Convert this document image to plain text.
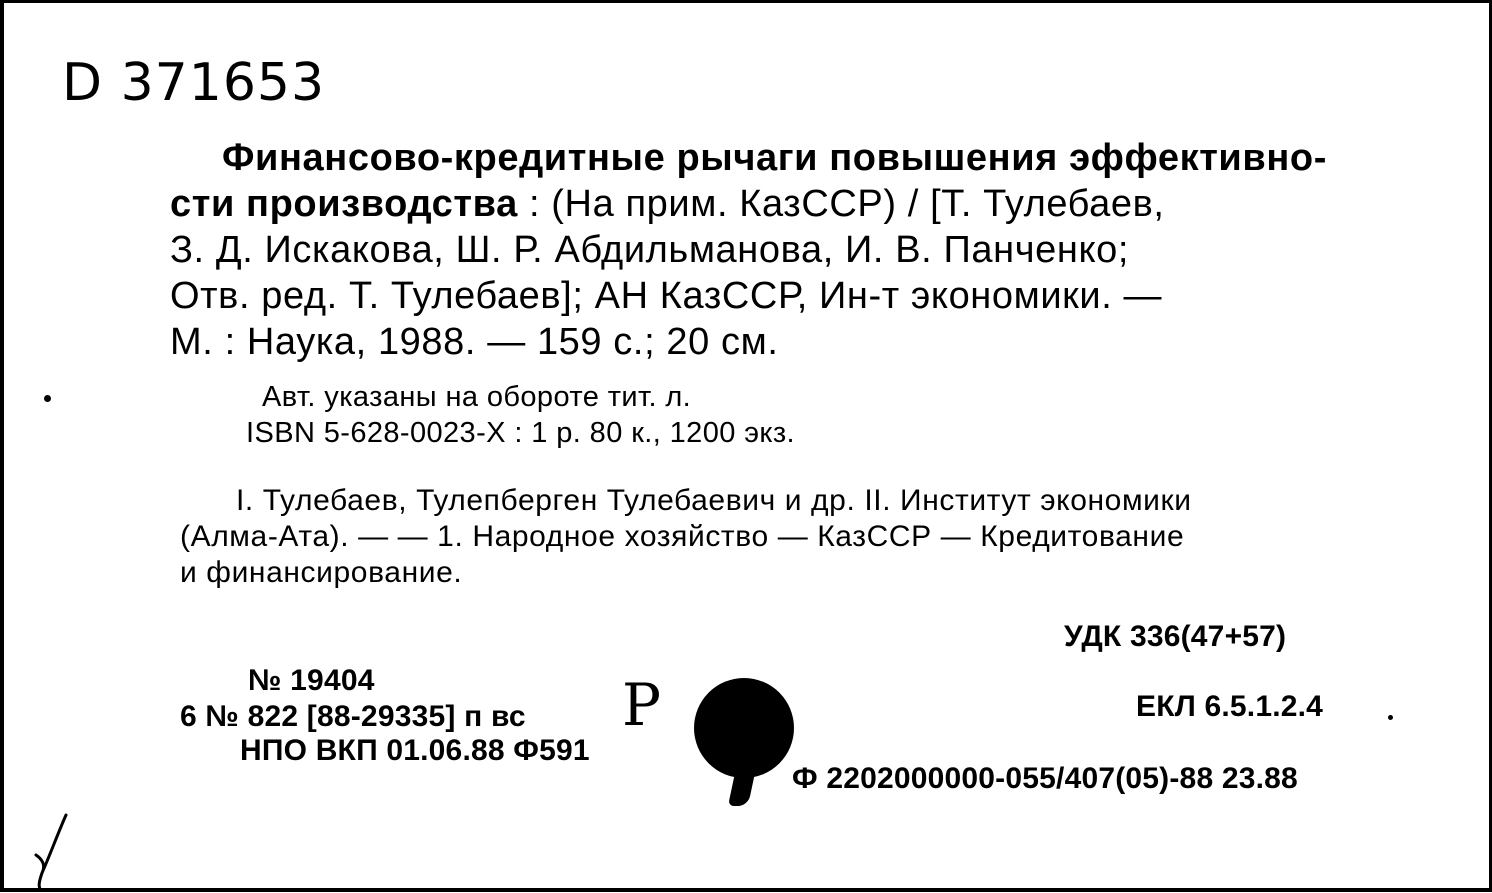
D 371653
Финансово-кредитные рычаги повышения эффективно-
сти производства : (На прим. КазССР) / [Т. Тулебаев,
З. Д. Искакова, Ш. Р. Абдильманова, И. В. Панченко;
Отв. ред. Т. Тулебаев]; АН КазССР, Ин-т экономики. —
М. : Наука, 1988. — 159 с.; 20 см.
Авт. указаны на обороте тит. л.
ISBN 5-628-0023-X : 1 р. 80 к., 1200 экз.
I. Тулебаев, Тулепберген Тулебаевич и др. II. Институт экономики
(Алма-Ата). — — 1. Народное хозяйство — КазССР — Кредитование
и финансирование.
УДК 336(47+57)
№ 19404
6 № 822 [88-29335] п вс
НПО ВКП 01.06.88 Ф591
Р	ЕКЛ 6.5.1.2.4
Ф 2202000000-055/407(05)-88 23.88
